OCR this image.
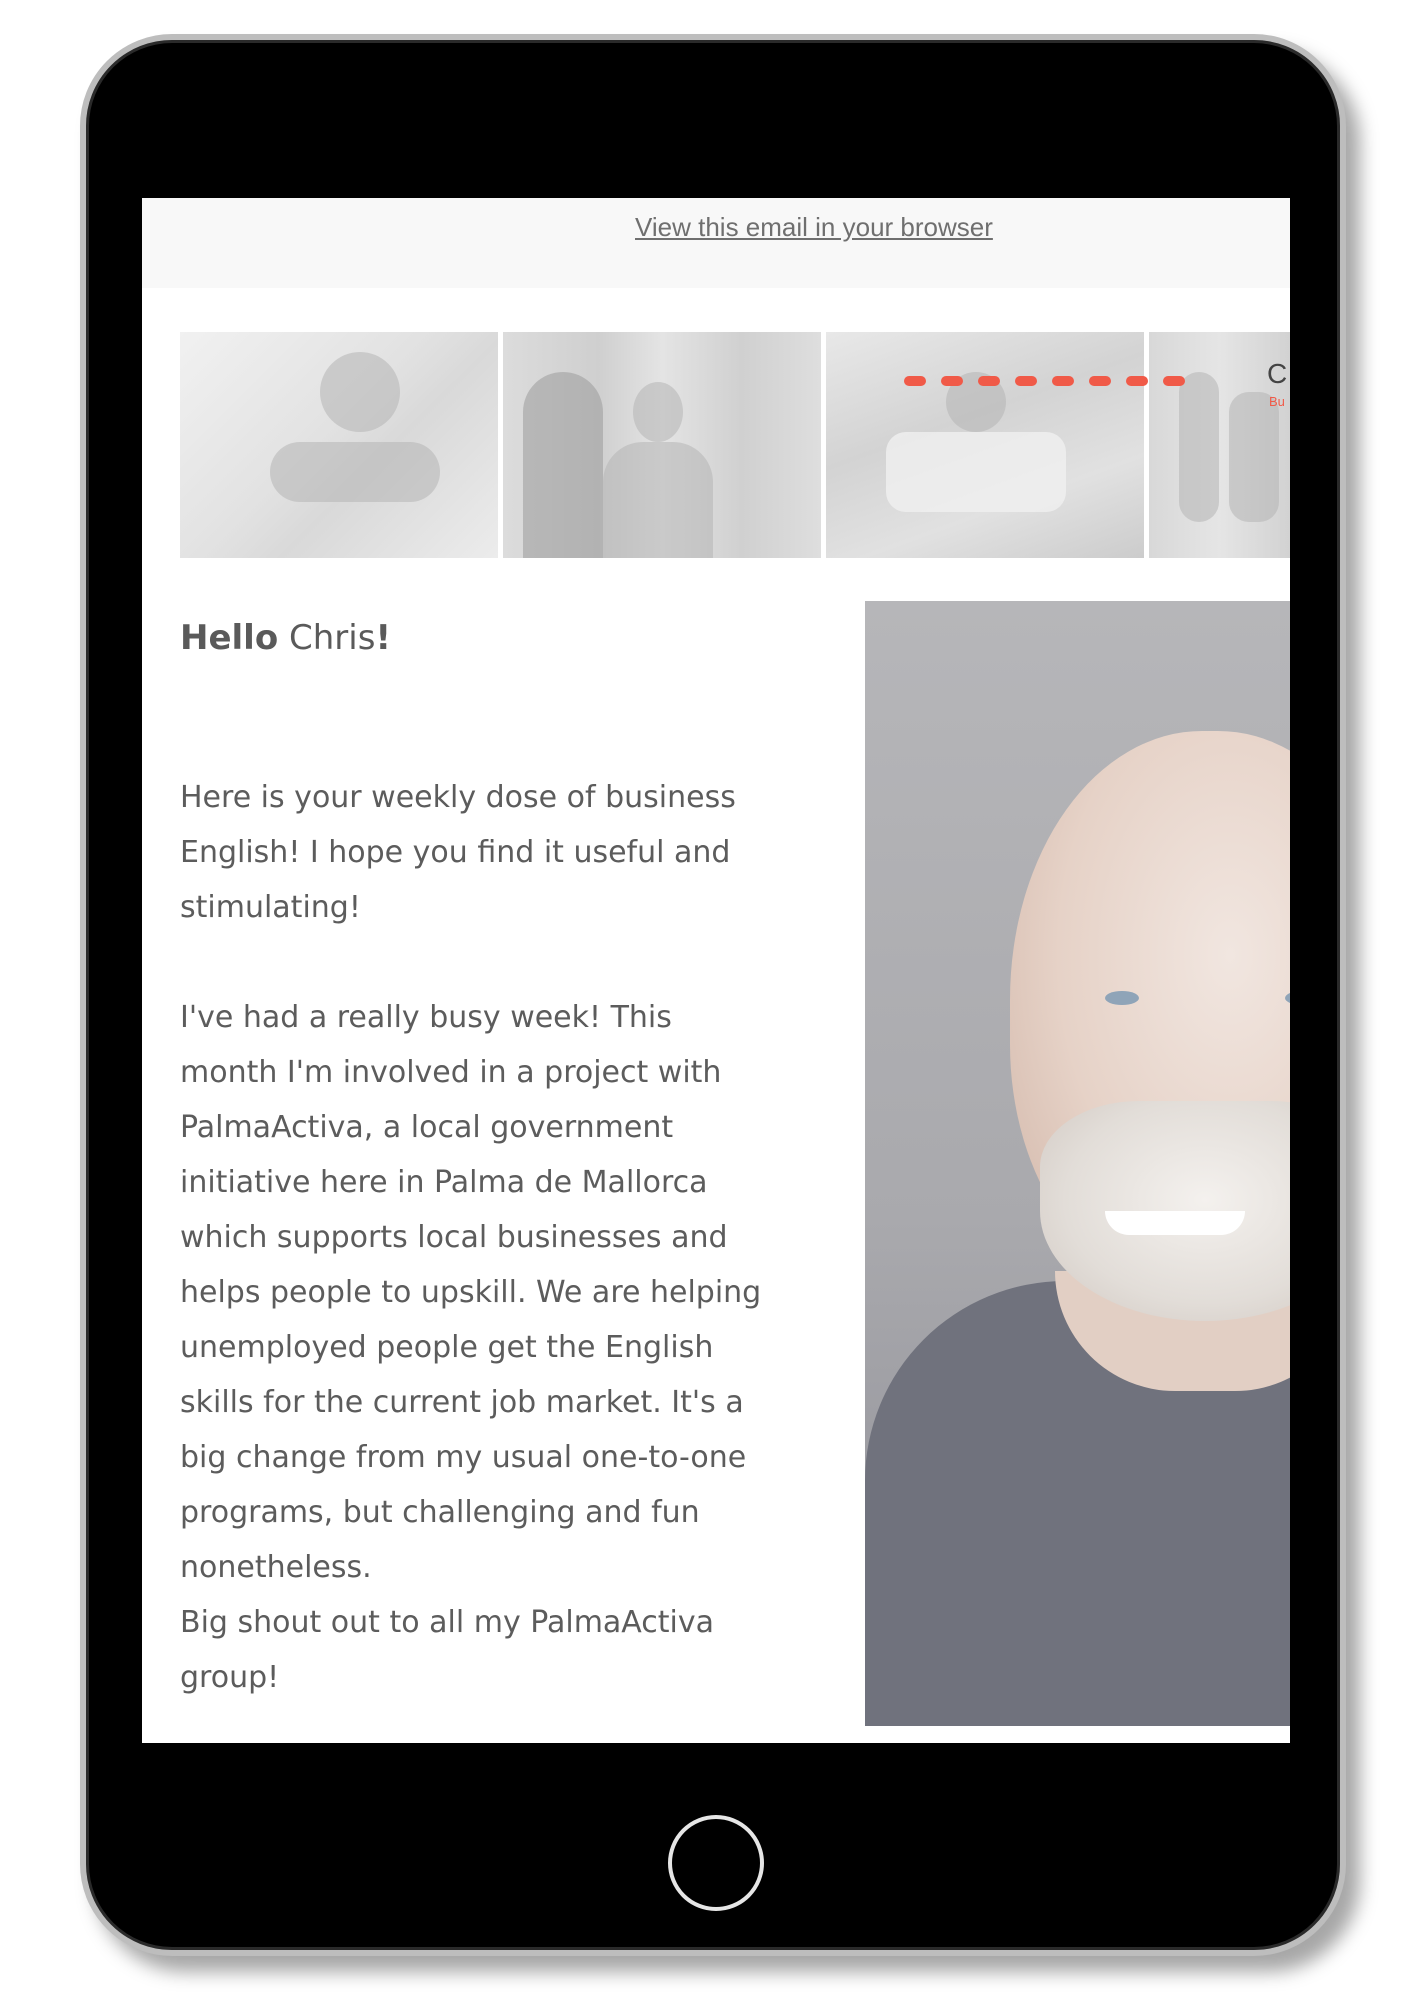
View this email in your browser
C
Bu

Hello Chris!

Here is your weekly dose of business English! I hope you find it useful and stimulating!

I've had a really busy week! This month I'm involved in a project with PalmaActiva, a local government initiative here in Palma de Mallorca which supports local businesses and helps people to upskill. We are helping unemployed people get the English skills for the current job market. It's a big change from my usual one-to-one programs, but challenging and fun nonetheless.

Big shout out to all my PalmaActiva group!
